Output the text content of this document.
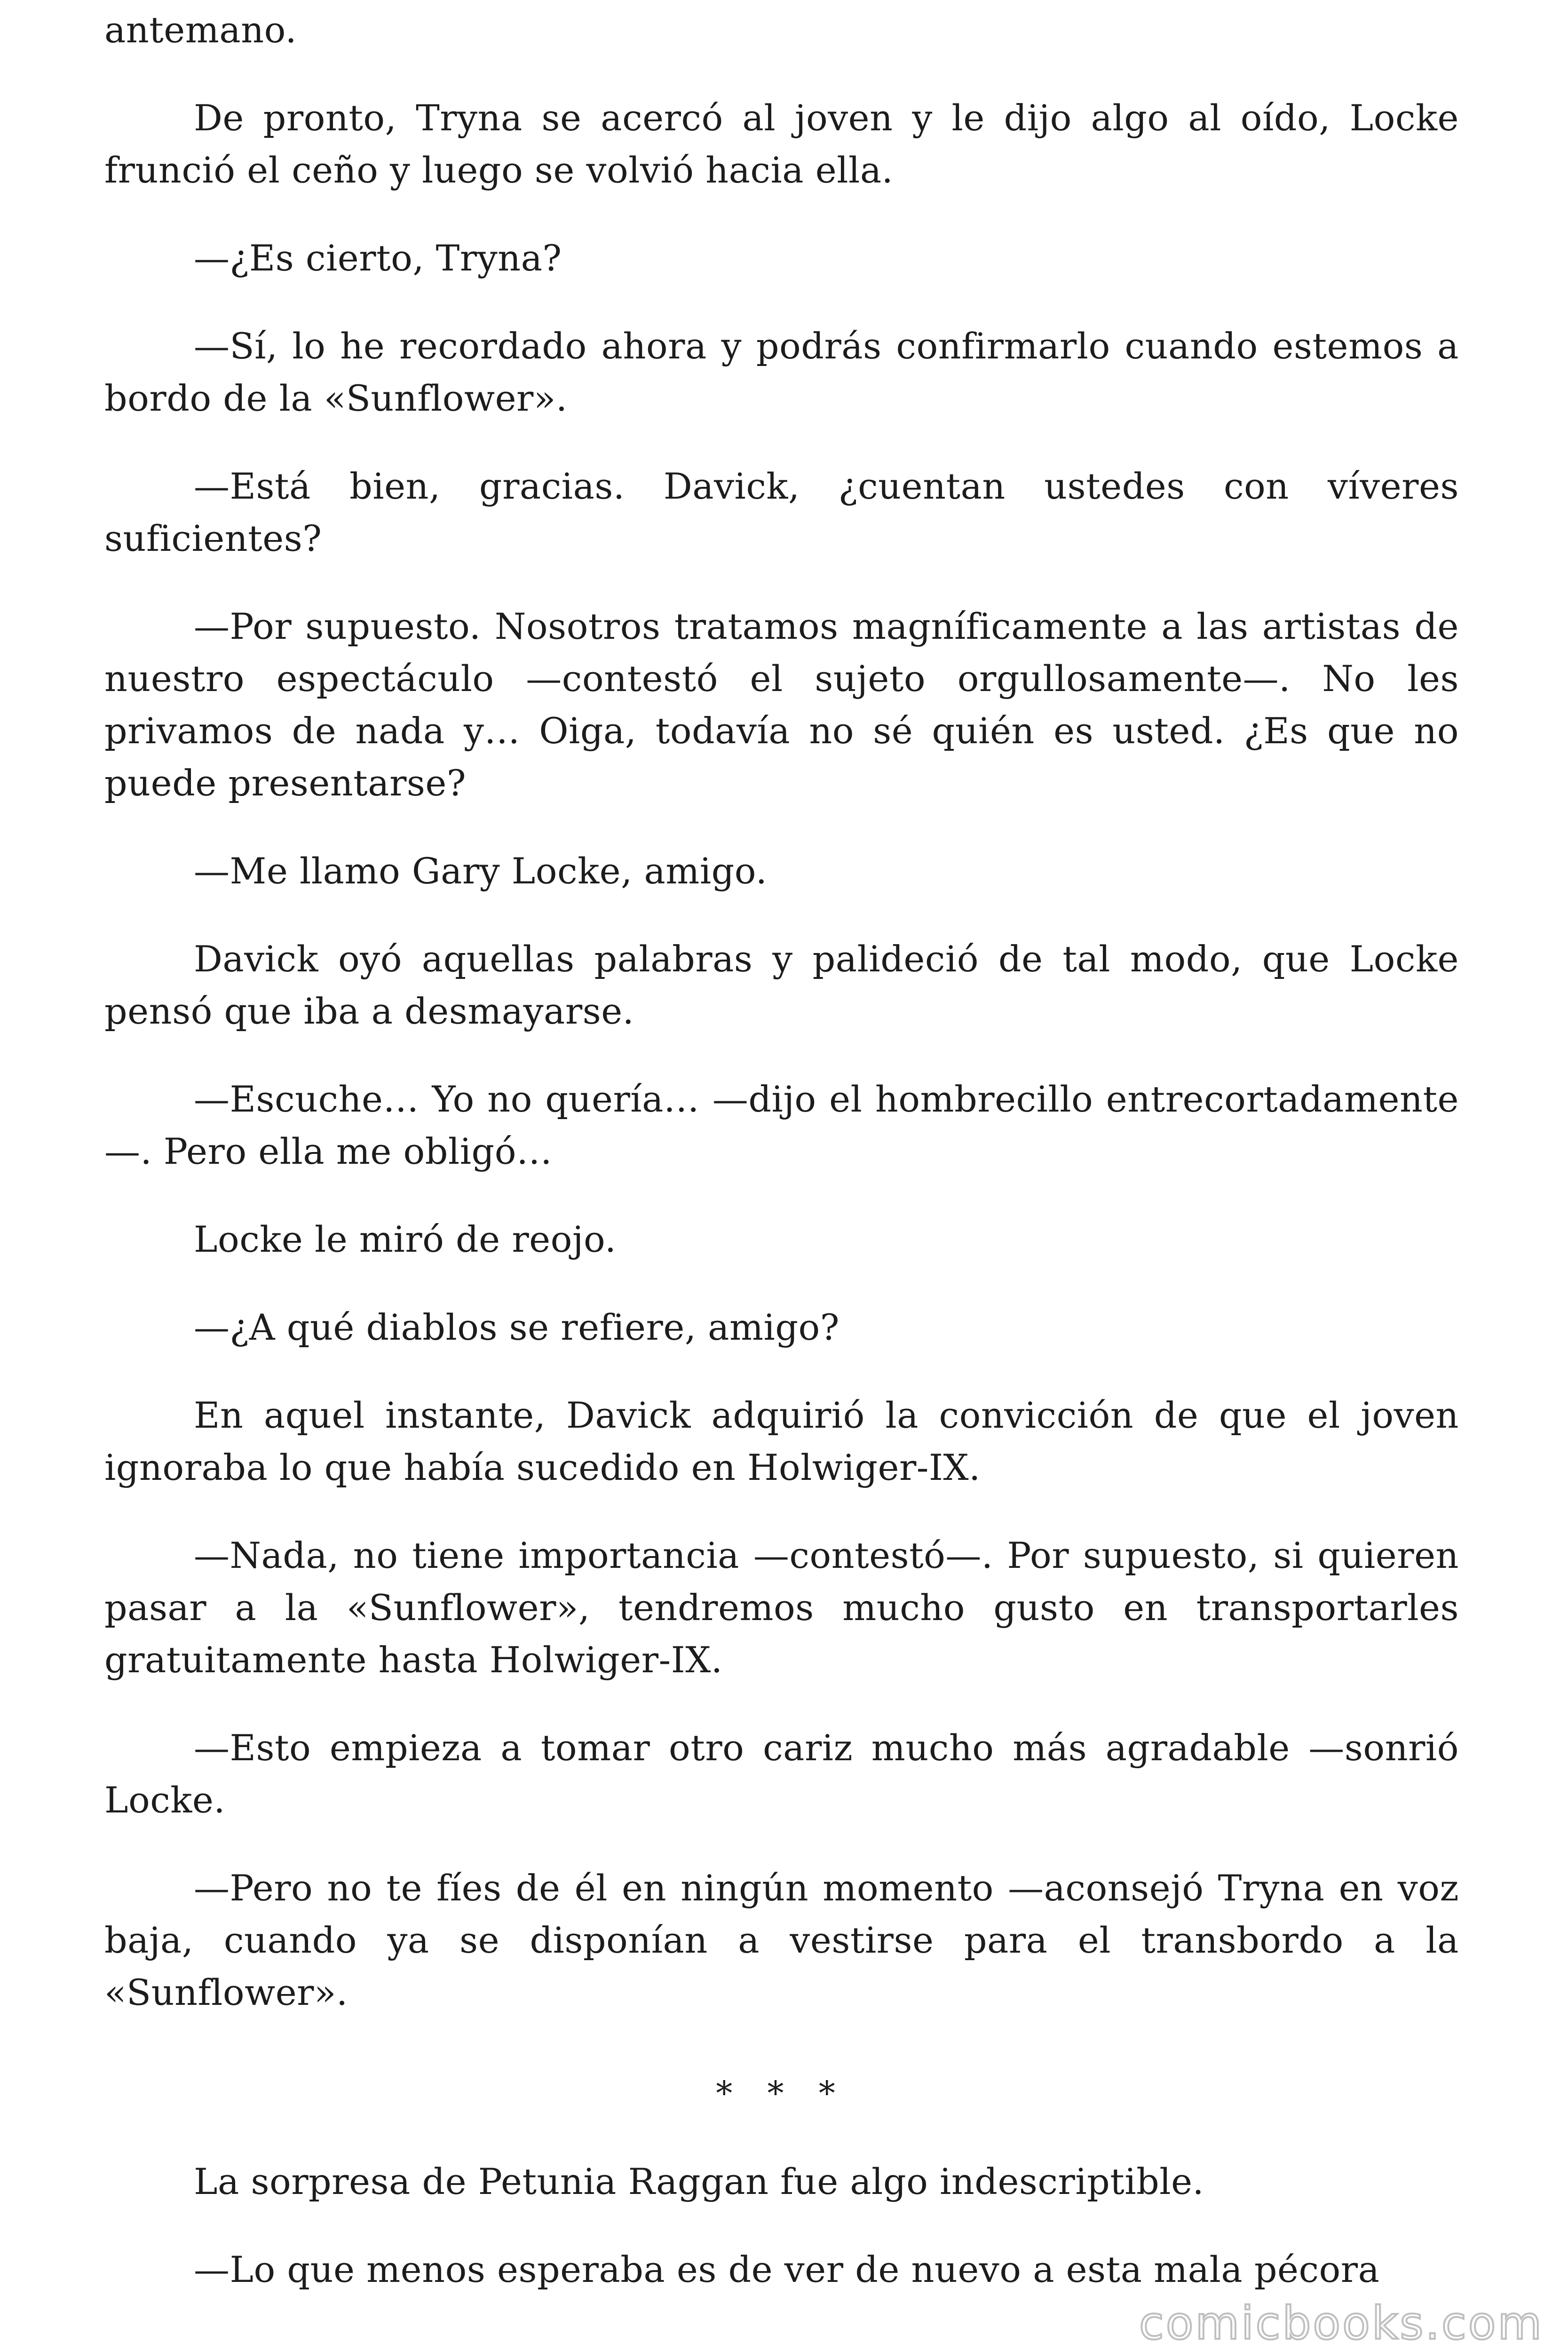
antemano.

De pronto, Tryna se acercó al joven y le dijo algo al oído, Locke frunció el ceño y luego se volvió hacia ella.

—¿Es cierto, Tryna?

—Sí, lo he recordado ahora y podrás confirmarlo cuando estemos a bordo de la «Sunflower».

—Está bien, gracias. Davick, ¿cuentan ustedes con víveres suficientes?

—Por supuesto. Nosotros tratamos magníficamente a las artistas de nuestro espectáculo —contestó el sujeto orgullosamente—. No les privamos de nada y… Oiga, todavía no sé quién es usted. ¿Es que no puede presentarse?

—Me llamo Gary Locke, amigo.

Davick oyó aquellas palabras y palideció de tal modo, que Locke pensó que iba a desmayarse.

—Escuche… Yo no quería… —dijo el hombrecillo entrecortadamente—. Pero ella me obligó…

Locke le miró de reojo.

—¿A qué diablos se refiere, amigo?

En aquel instante, Davick adquirió la convicción de que el joven ignoraba lo que había sucedido en Holwiger-IX.

—Nada, no tiene importancia —contestó—. Por supuesto, si quieren pasar a la «Sunflower», tendremos mucho gusto en transportarles gratuitamente hasta Holwiger-IX.

—Esto empieza a tomar otro cariz mucho más agradable —sonrió Locke.

—Pero no te fíes de él en ningún momento —aconsejó Tryna en voz baja, cuando ya se disponían a vestirse para el transbordo a la «Sunflower».

* * *

La sorpresa de Petunia Raggan fue algo indescriptible.

—Lo que menos esperaba es de ver de nuevo a esta mala pécora

comicbooks.com
